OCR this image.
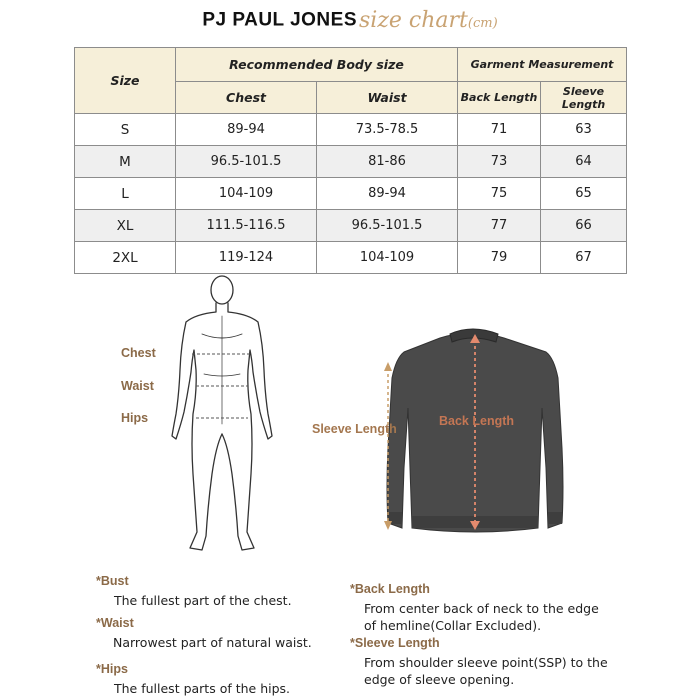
PJ PAUL JONESsize chart(cm)
Size	Recommended Body size		Garment Measurement	
	Chest	Waist	Back Length	Sleeve Length
S	89-94	73.5-78.5	71	63
M	96.5-101.5	81-86	73	64
L	104-109	89-94	75	65
XL	111.5-116.5	96.5-101.5	77	66
2XL	119-124	104-109	79	67
Chest
Waist
Hips
Sleeve Length
Back Length
*Bust
The fullest part of the chest.
*Waist
Narrowest part of natural waist.
*Hips
The fullest parts of the hips.
*Back Length
From center back of neck to the edge
of hemline(Collar Excluded).
*Sleeve Length
From shoulder sleeve point(SSP) to the
edge of sleeve opening.
